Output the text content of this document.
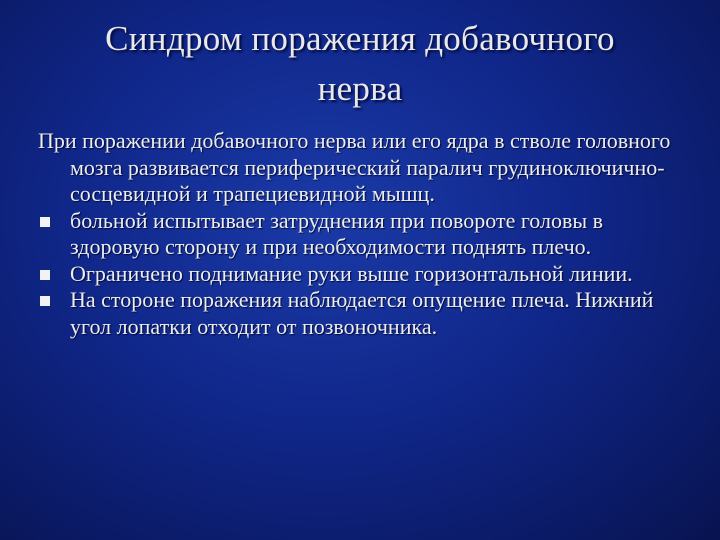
Синдром поражения добавочного
нерва

При поражении добавочного нерва или его ядра в стволе головного мозга развивается периферический паралич грудиноключично-сосцевидной и трапециевидной мышц.

больной испытывает затруднения при повороте головы в здоровую сторону и при необходимости поднять плечо.
Ограничено поднимание руки выше горизонтальной линии.
На стороне поражения наблюдается опущение плеча. Нижний угол лопатки отходит от позвоночника.
